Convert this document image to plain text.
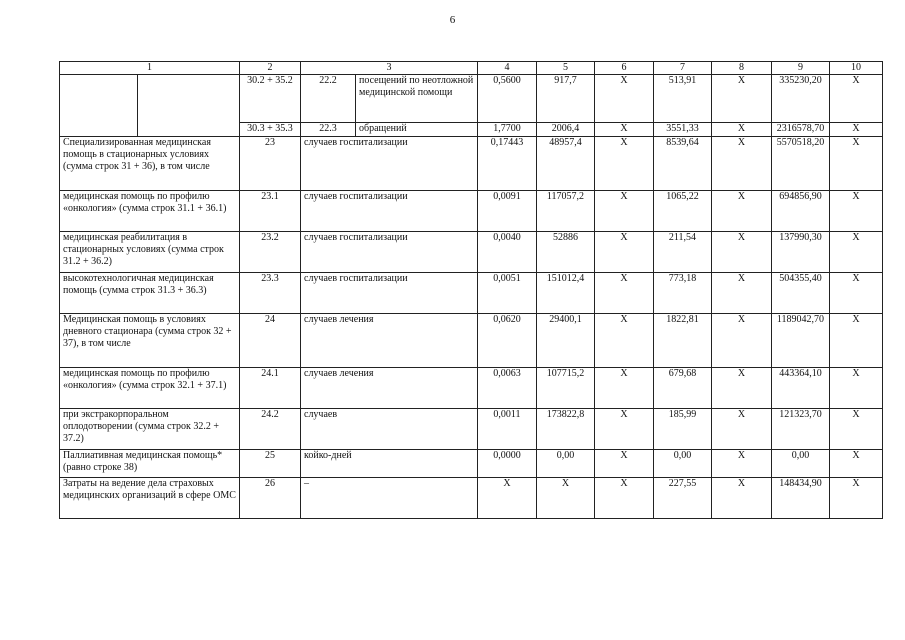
6
1		2	3		4	5	6	7	8	9	10
		30.2 + 35.2	22.2	посещений по неотложной медицинской помощи	0,5600	917,7	X	513,91	X	335230,20	X
		30.3 + 35.3	22.3	обращений	1,7700	2006,4	X	3551,33	X	2316578,70	X
Специализированная медицинская помощь в стационарных условиях (сумма строк 31 + 36), в том числе		23	случаев госпитализации		0,17443	48957,4	X	8539,64	X	5570518,20	X
медицинская помощь по профилю «онкология» (сумма строк 31.1 + 36.1)		23.1	случаев госпитализации		0,0091	117057,2	X	1065,22	X	694856,90	X
медицинская реабилитация в стационарных условиях (сумма строк 31.2 + 36.2)		23.2	случаев госпитализации		0,0040	52886	X	211,54	X	137990,30	X
высокотехнологичная медицинская помощь (сумма строк 31.3 + 36.3)		23.3	случаев госпитализации		0,0051	151012,4	X	773,18	X	504355,40	X
Медицинская помощь в условиях дневного стационара (сумма строк 32 + 37), в том числе		24	случаев лечения		0,0620	29400,1	X	1822,81	X	1189042,70	X
медицинская помощь по профилю «онкология» (сумма строк 32.1 + 37.1)		24.1	случаев лечения		0,0063	107715,2	X	679,68	X	443364,10	X
при экстракорпоральном оплодотворении (сумма строк 32.2 + 37.2)		24.2	случаев		0,0011	173822,8	X	185,99	X	121323,70	X
Паллиативная медицинская помощь* (равно строке 38)		25	койко-дней		0,0000	0,00	X	0,00	X	0,00	X
Затраты на ведение дела страховых медицинских организаций в сфере ОМС		26	–		X	X	X	227,55	X	148434,90	X
